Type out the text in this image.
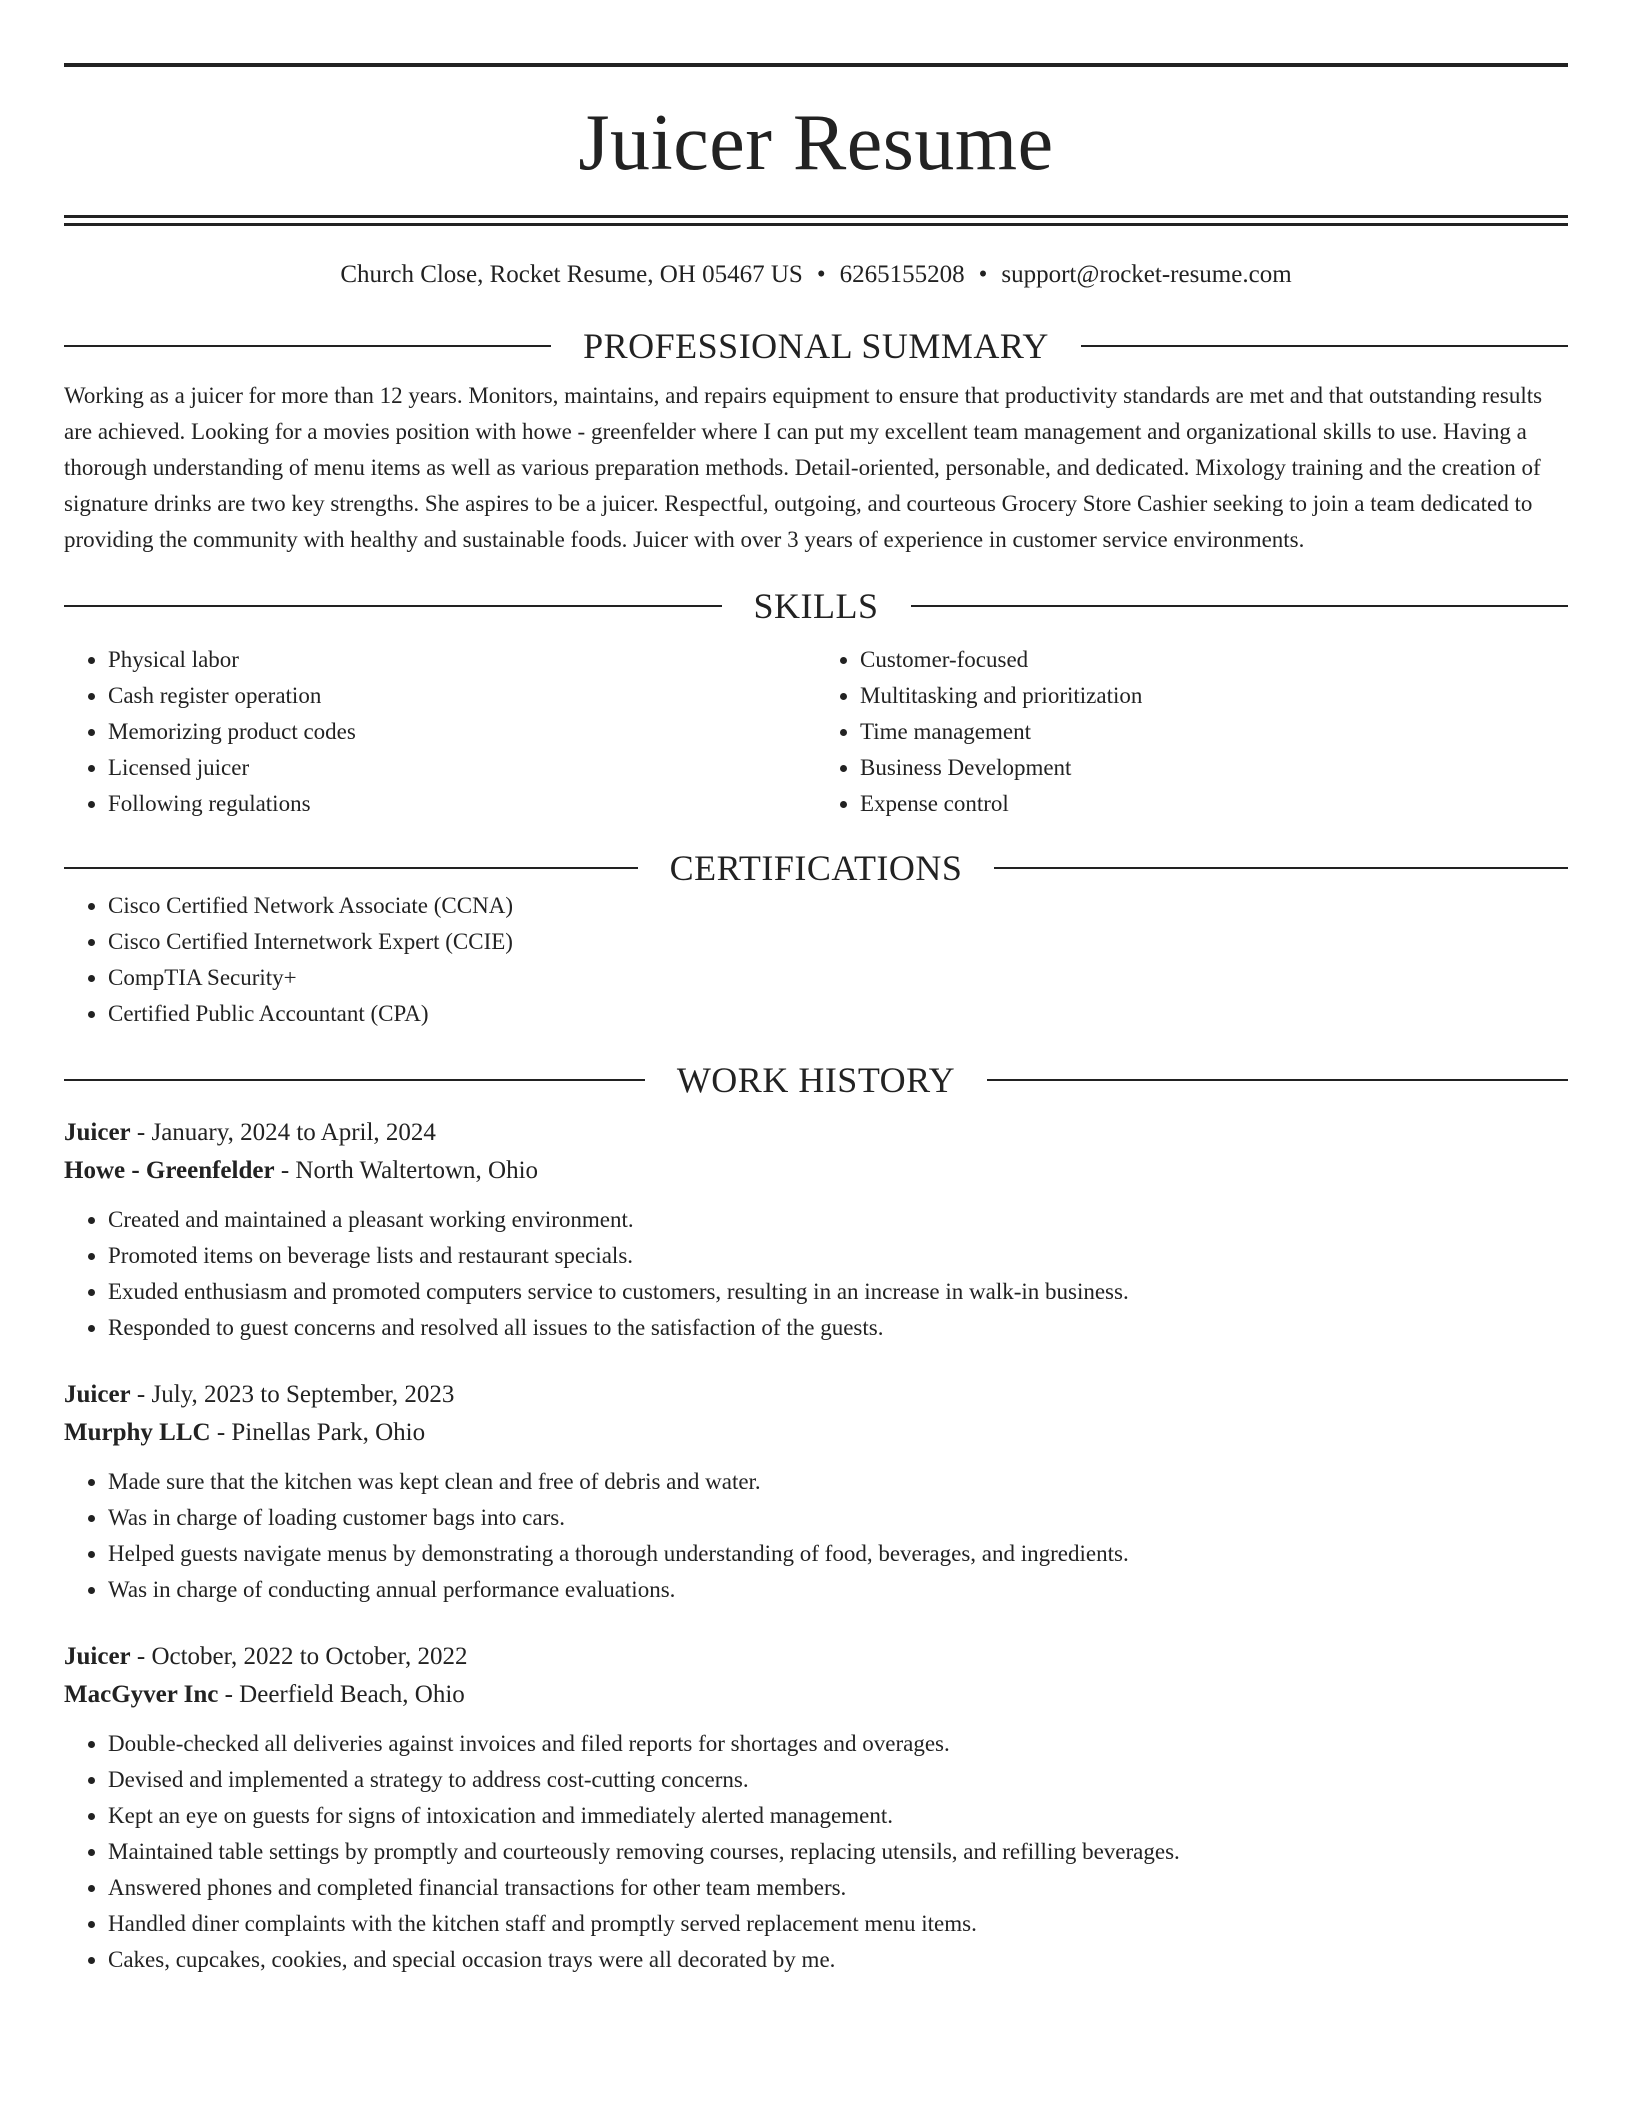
Juicer Resume
Church Close, Rocket Resume, OH 05467 US • 6265155208 • support@rocket-resume.com
PROFESSIONAL SUMMARY

Working as a juicer for more than 12 years. Monitors, maintains, and repairs equipment to ensure that productivity standards are met and that outstanding results are achieved. Looking for a movies position with howe - greenfelder where I can put my excellent team management and organizational skills to use. Having a thorough understanding of menu items as well as various preparation methods. Detail-oriented, personable, and dedicated. Mixology training and the creation of signature drinks are two key strengths. She aspires to be a juicer. Respectful, outgoing, and courteous Grocery Store Cashier seeking to join a team dedicated to providing the community with healthy and sustainable foods. Juicer with over 3 years of experience in customer service environments.

SKILLS
• Physical labor
• Cash register operation
• Memorizing product codes
• Licensed juicer
• Following regulations
• Customer-focused
• Multitasking and prioritization
• Time management
• Business Development
• Expense control
CERTIFICATIONS
• Cisco Certified Network Associate (CCNA)
• Cisco Certified Internetwork Expert (CCIE)
• CompTIA Security+
• Certified Public Accountant (CPA)
WORK HISTORY
Juicer - January, 2024 to April, 2024
Howe - Greenfelder - North Waltertown, Ohio
• Created and maintained a pleasant working environment.
• Promoted items on beverage lists and restaurant specials.
• Exuded enthusiasm and promoted computers service to customers, resulting in an increase in walk-in business.
• Responded to guest concerns and resolved all issues to the satisfaction of the guests.
Juicer - July, 2023 to September, 2023
Murphy LLC - Pinellas Park, Ohio
• Made sure that the kitchen was kept clean and free of debris and water.
• Was in charge of loading customer bags into cars.
• Helped guests navigate menus by demonstrating a thorough understanding of food, beverages, and ingredients.
• Was in charge of conducting annual performance evaluations.
Juicer - October, 2022 to October, 2022
MacGyver Inc - Deerfield Beach, Ohio
• Double-checked all deliveries against invoices and filed reports for shortages and overages.
• Devised and implemented a strategy to address cost-cutting concerns.
• Kept an eye on guests for signs of intoxication and immediately alerted management.
• Maintained table settings by promptly and courteously removing courses, replacing utensils, and refilling beverages.
• Answered phones and completed financial transactions for other team members.
• Handled diner complaints with the kitchen staff and promptly served replacement menu items.
• Cakes, cupcakes, cookies, and special occasion trays were all decorated by me.
